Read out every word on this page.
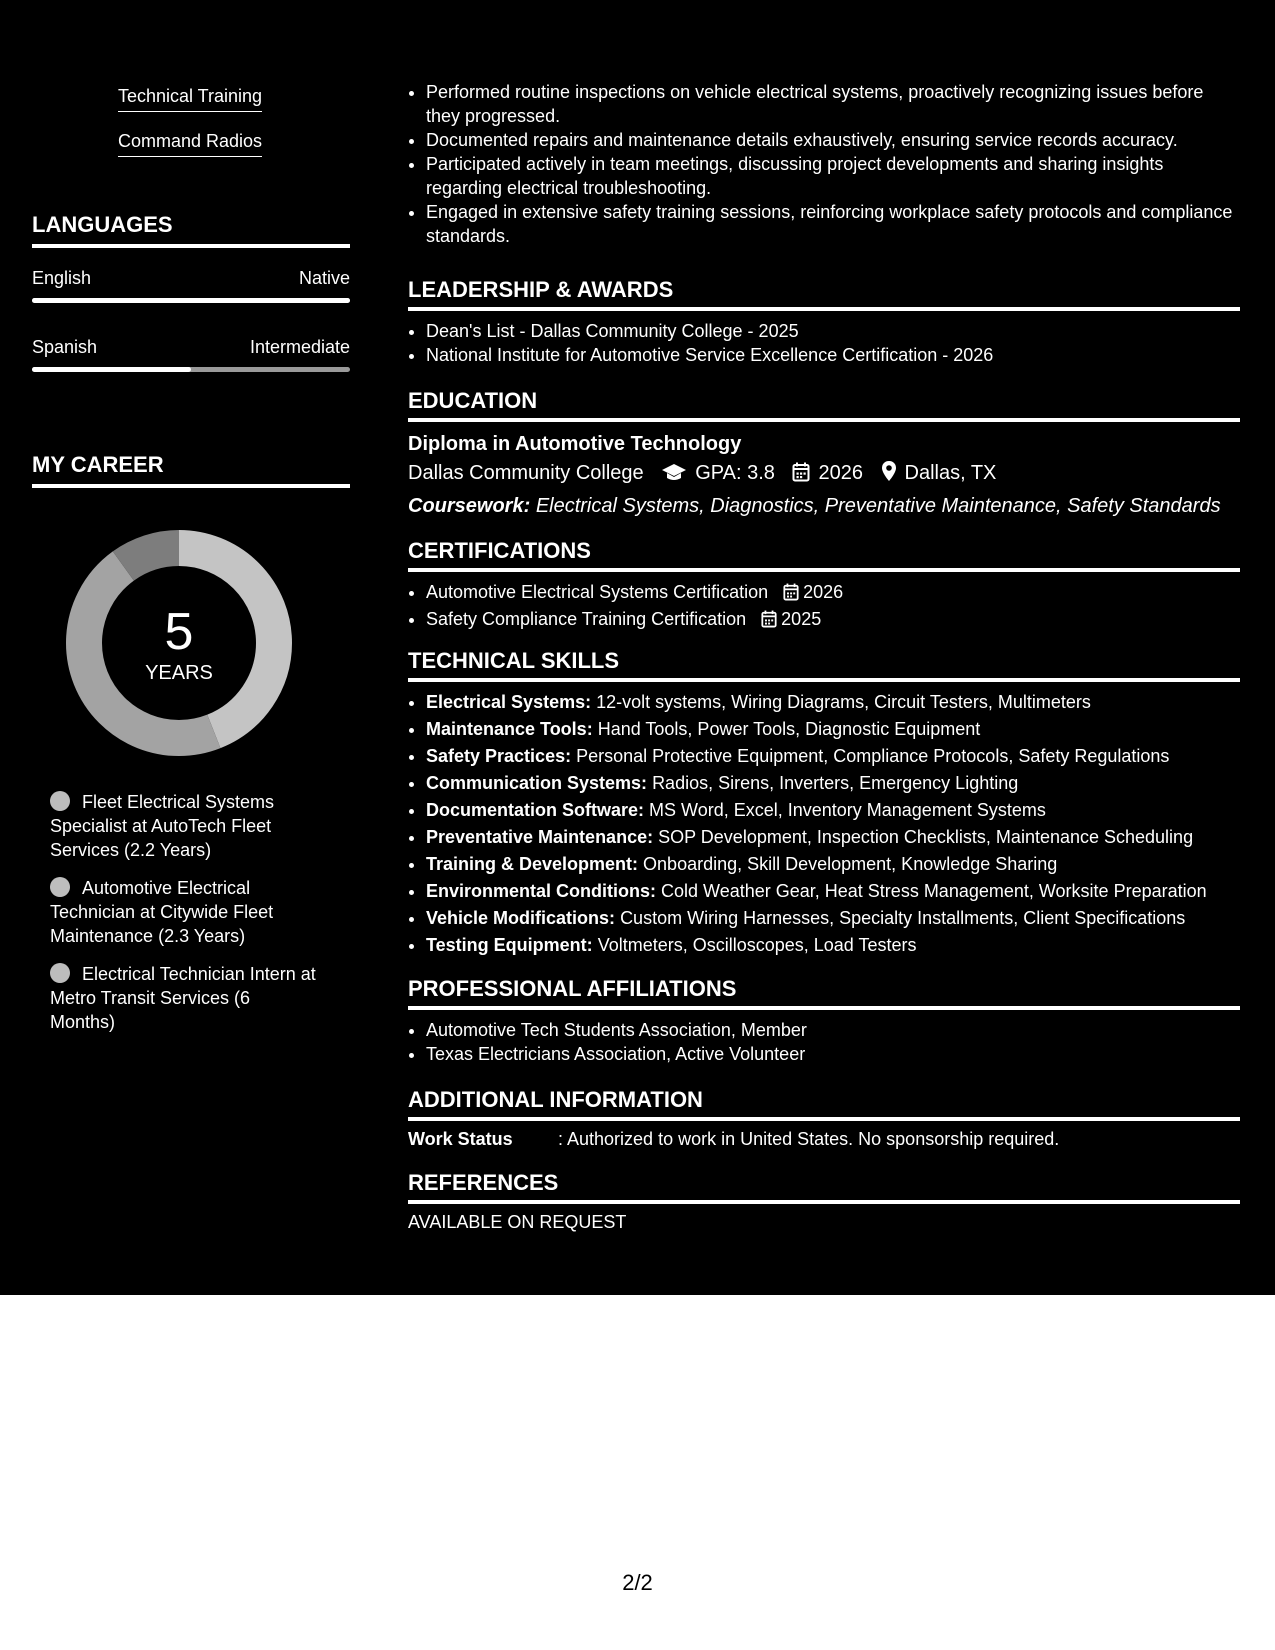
Technical Training
Command Radios
LANGUAGES
English	Native
Spanish	Intermediate
MY CAREER
5
YEARS
Fleet Electrical Systems Specialist at AutoTech Fleet Services (2.2 Years)
Automotive Electrical Technician at Citywide Fleet Maintenance (2.3 Years)
Electrical Technician Intern at Metro Transit Services (6 Months)
• Performed routine inspections on vehicle electrical systems, proactively recognizing issues before they progressed.
• Documented repairs and maintenance details exhaustively, ensuring service records accuracy.
• Participated actively in team meetings, discussing project developments and sharing insights regarding electrical troubleshooting.
• Engaged in extensive safety training sessions, reinforcing workplace safety protocols and compliance standards.
LEADERSHIP & AWARDS
• Dean's List - Dallas Community College - 2025
• National Institute for Automotive Service Excellence Certification - 2026
EDUCATION
Diploma in Automotive Technology
Dallas Community College	GPA: 3.8 2026 Dallas, TX
Coursework: Electrical Systems, Diagnostics, Preventative Maintenance, Safety Standards
CERTIFICATIONS
• Automotive Electrical Systems Certification 2026
• Safety Compliance Training Certification 2025
TECHNICAL SKILLS
• Electrical Systems: 12-volt systems, Wiring Diagrams, Circuit Testers, Multimeters
• Maintenance Tools: Hand Tools, Power Tools, Diagnostic Equipment
• Safety Practices: Personal Protective Equipment, Compliance Protocols, Safety Regulations
• Communication Systems: Radios, Sirens, Inverters, Emergency Lighting
• Documentation Software: MS Word, Excel, Inventory Management Systems
• Preventative Maintenance: SOP Development, Inspection Checklists, Maintenance Scheduling
• Training & Development: Onboarding, Skill Development, Knowledge Sharing
• Environmental Conditions: Cold Weather Gear, Heat Stress Management, Worksite Preparation
• Vehicle Modifications: Custom Wiring Harnesses, Specialty Installments, Client Specifications
• Testing Equipment: Voltmeters, Oscilloscopes, Load Testers
PROFESSIONAL AFFILIATIONS
• Automotive Tech Students Association, Member
• Texas Electricians Association, Active Volunteer
ADDITIONAL INFORMATION
Work Status	: Authorized to work in United States. No sponsorship required.
REFERENCES
AVAILABLE ON REQUEST
2/2
